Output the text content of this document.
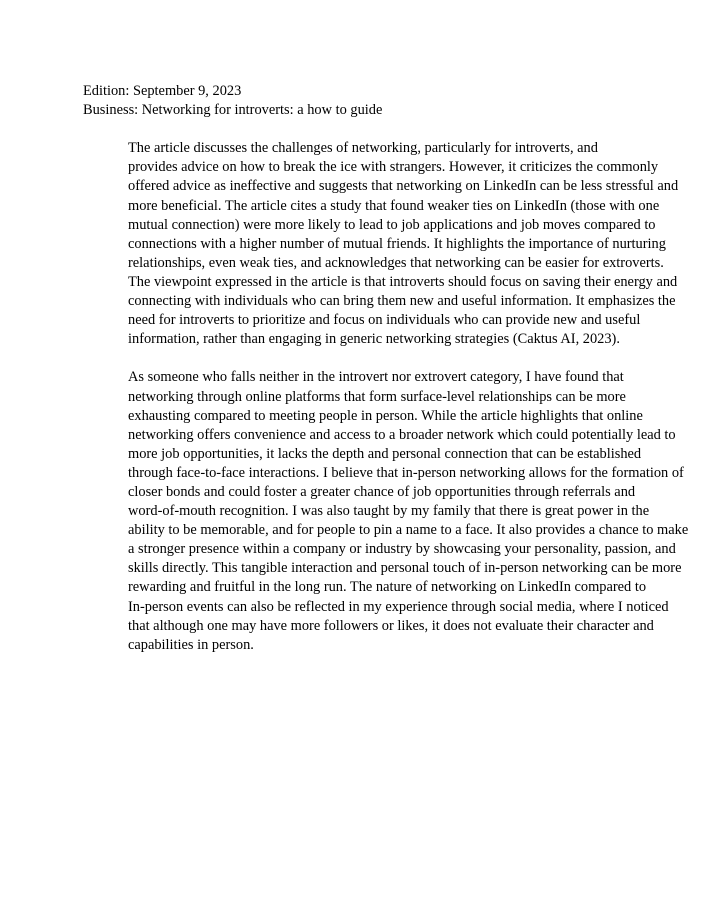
Edition: September 9, 2023

Business: Networking for introverts: a how to guide

The article discusses the challenges of networking, particularly for introverts, and
provides advice on how to break the ice with strangers. However, it criticizes the commonly
offered advice as ineffective and suggests that networking on LinkedIn can be less stressful and
more beneficial. The article cites a study that found weaker ties on LinkedIn (those with one
mutual connection) were more likely to lead to job applications and job moves compared to
connections with a higher number of mutual friends. It highlights the importance of nurturing
relationships, even weak ties, and acknowledges that networking can be easier for extroverts.
The viewpoint expressed in the article is that introverts should focus on saving their energy and
connecting with individuals who can bring them new and useful information. It emphasizes the
need for introverts to prioritize and focus on individuals who can provide new and useful
information, rather than engaging in generic networking strategies (Caktus AI, 2023).

As someone who falls neither in the introvert nor extrovert category, I have found that
networking through online platforms that form surface-level relationships can be more
exhausting compared to meeting people in person. While the article highlights that online
networking offers convenience and access to a broader network which could potentially lead to
more job opportunities, it lacks the depth and personal connection that can be established
through face-to-face interactions. I believe that in-person networking allows for the formation of
closer bonds and could foster a greater chance of job opportunities through referrals and
word-of-mouth recognition. I was also taught by my family that there is great power in the
ability to be memorable, and for people to pin a name to a face. It also provides a chance to make
a stronger presence within a company or industry by showcasing your personality, passion, and
skills directly. This tangible interaction and personal touch of in-person networking can be more
rewarding and fruitful in the long run. The nature of networking on LinkedIn compared to
In-person events can also be reflected in my experience through social media, where I noticed
that although one may have more followers or likes, it does not evaluate their character and
capabilities in person.
